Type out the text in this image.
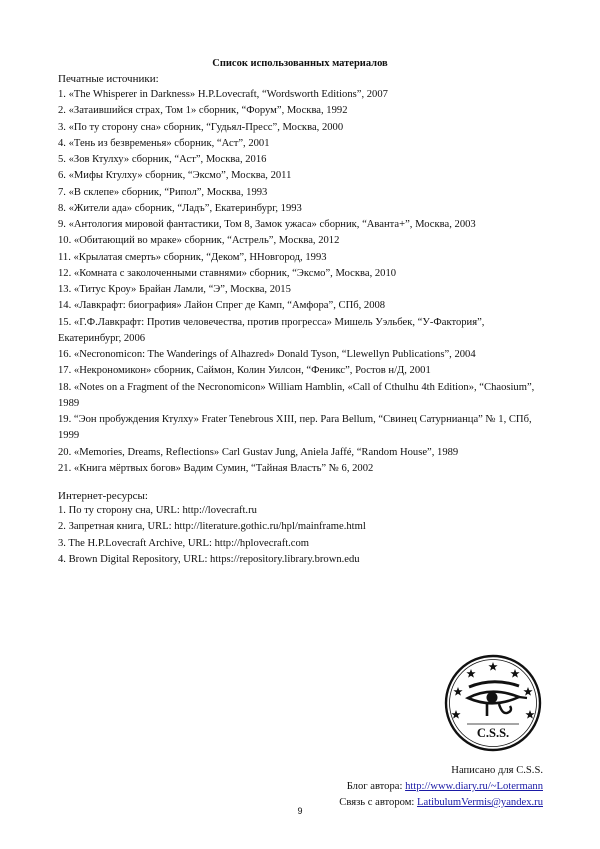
Список использованных материалов
Печатные источники:
1. «The Whisperer in Darkness» H.P.Lovecraft, “Wordsworth Editions”, 2007
2. «Затаившийся страх, Том 1» сборник, “Форум”, Москва, 1992
3. «По ту сторону сна» сборник, “Гудьял-Пресс”, Москва, 2000
4. «Тень из безвременья» сборник, “Аст”, 2001
5. «Зов Ктулху» сборник, “Аст”, Москва, 2016
6. «Мифы Ктулху» сборник, “Эксмо”, Москва, 2011
7. «В склепе» сборник, “Рипол”, Москва, 1993
8. «Жители ада» сборник, “Ладъ”, Екатеринбург, 1993
9. «Антология мировой фантастики, Том 8, Замок ужаса» сборник, “Аванта+”, Москва, 2003
10. «Обитающий во мраке» сборник, “Астрель”, Москва, 2012
11. «Крылатая смерть» сборник, “Деком”, ННовгород, 1993
12. «Комната с заколоченными ставнями» сборник, “Эксмо”, Москва, 2010
13. «Титус Кроу» Брайан Ламли, “Э”, Москва, 2015
14. «Лавкрафт: биография» Лайон Спрег де Камп, “Амфора”, СПб, 2008
15. «Г.Ф.Лавкрафт: Против человечества, против прогресса» Мишель Уэльбек, “У-Фактория”, Екатеринбург, 2006
16. «Necronomicon: The Wanderings of Alhazred» Donald Tyson, “Llewellyn Publications”, 2004
17. «Некрономикон» сборник, Саймон, Колин Уилсон, “Феникс”, Ростов н/Д, 2001
18. «Notes on a Fragment of the Necronomicon» William Hamblin, «Call of Cthulhu 4th Edition», “Chaosium”, 1989
19. “Эон пробуждения Ктулху» Frater Tenebrous XIII, пер. Para Bellum, “Свинец Сатурнианца” № 1, СПб, 1999
20. «Memories, Dreams, Reflections» Carl Gustav Jung, Aniela Jaffé, “Random House”, 1989
21. «Книга мёртвых богов» Вадим Сумин, “Тайная Власть” № 6, 2002
Интернет-ресурсы:
1. По ту сторону сна, URL: http://lovecraft.ru
2. Запретная книга, URL: http://literature.gothic.ru/hpl/mainframe.html
3. The H.P.Lovecraft Archive, URL: http://hplovecraft.com
4. Brown Digital Repository, URL: https://repository.library.brown.edu
C.S.S.
Написано для C.S.S.
Блог автора: http://www.diary.ru/~Lotermann
Связь с автором: LatibulumVermis@yandex.ru
9
